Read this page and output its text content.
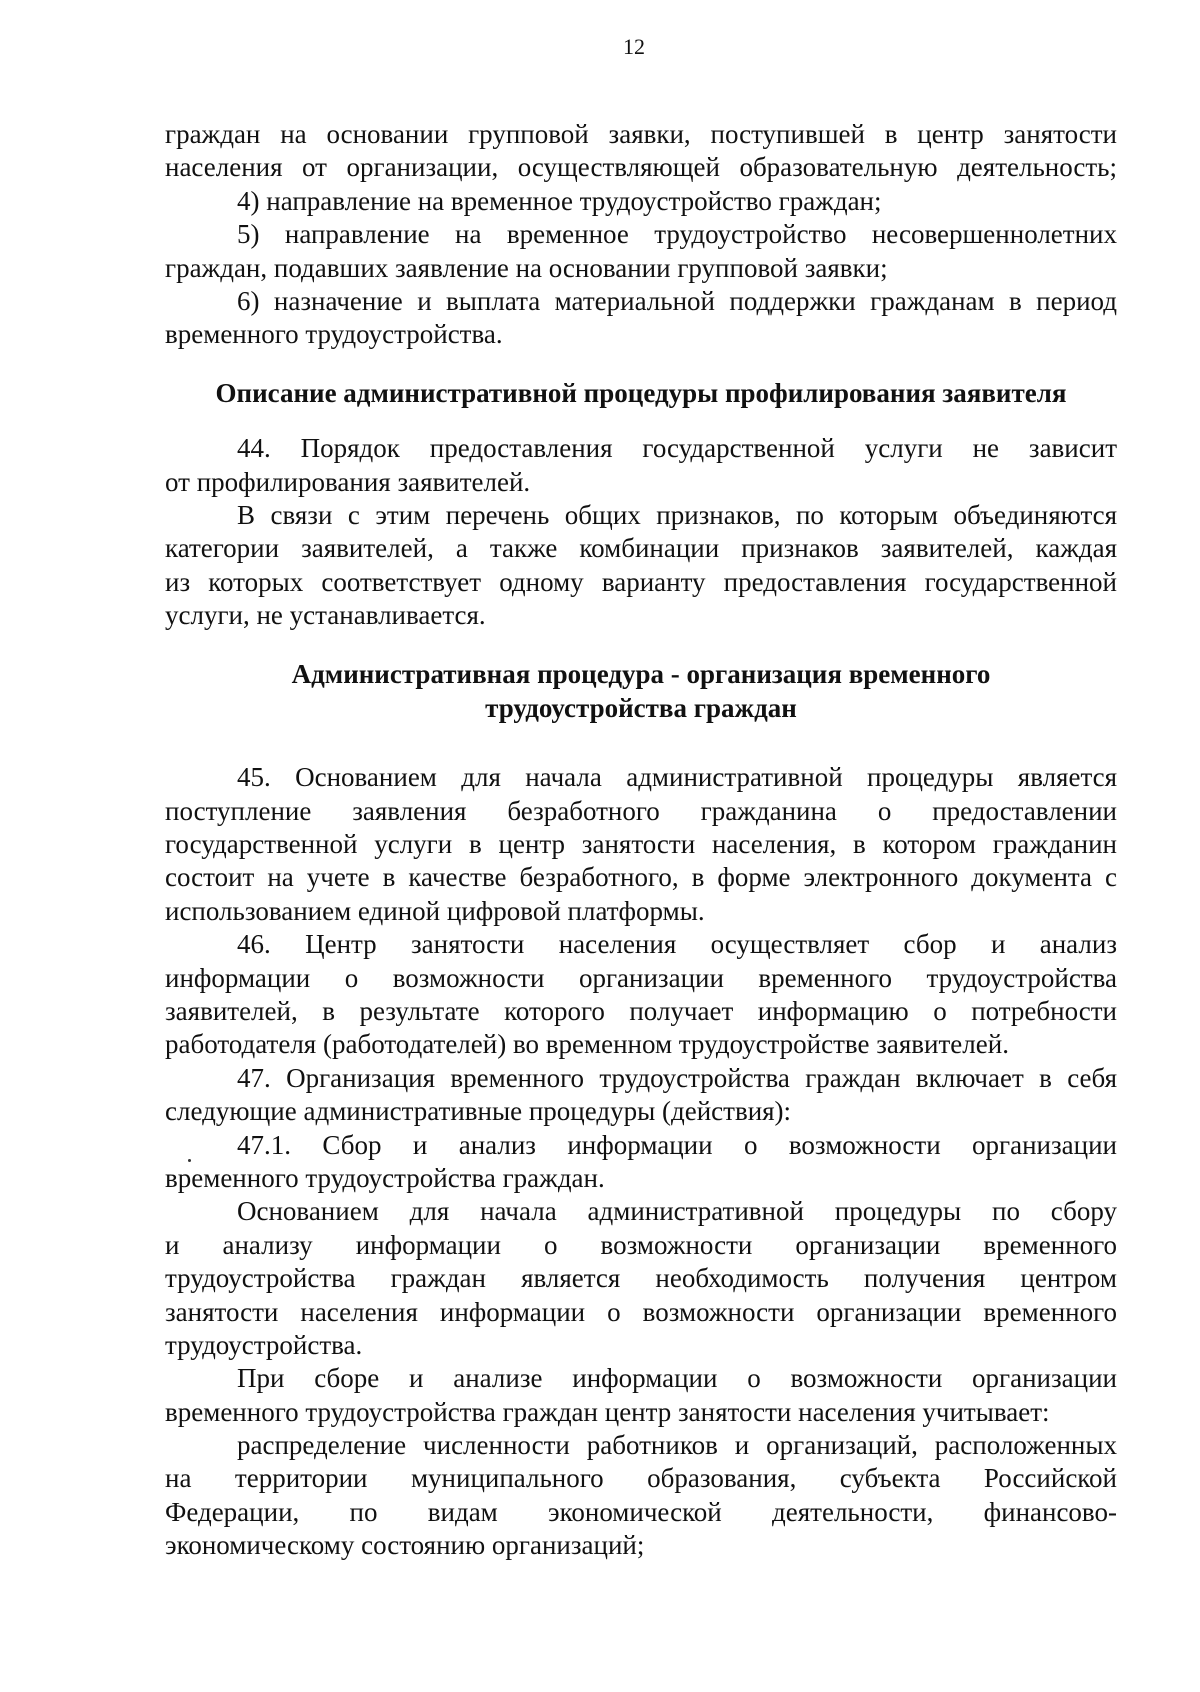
12
граждан на основании групповой заявки, поступившей в центр занятости
населения от организации, осуществляющей образовательную деятельность;
4) направление на временное трудоустройство граждан;
5) направление на временное трудоустройство несовершеннолетних
граждан, подавших заявление на основании групповой заявки;
6) назначение и выплата материальной поддержки гражданам в период
временного трудоустройства.
Описание административной процедуры профилирования заявителя
44. Порядок предоставления государственной услуги не зависит
от профилирования заявителей.
В связи с этим перечень общих признаков, по которым объединяются
категории заявителей, а также комбинации признаков заявителей, каждая
из которых соответствует одному варианту предоставления государственной
услуги, не устанавливается.
Административная процедура - организация временного
трудоустройства граждан
45. Основанием для начала административной процедуры является
поступление заявления безработного гражданина о предоставлении
государственной услуги в центр занятости населения, в котором гражданин
состоит на учете в качестве безработного, в форме электронного документа с
использованием единой цифровой платформы.
46. Центр занятости населения осуществляет сбор и анализ
информации о возможности организации временного трудоустройства
заявителей, в результате которого получает информацию о потребности
работодателя (работодателей) во временном трудоустройстве заявителей.
47. Организация временного трудоустройства граждан включает в себя
следующие административные процедуры (действия):
47.1. Сбор и анализ информации о возможности организации
временного трудоустройства граждан.
Основанием для начала административной процедуры по сбору
и анализу информации о возможности организации временного
трудоустройства граждан является необходимость получения центром
занятости населения информации о возможности организации временного
трудоустройства.
При сборе и анализе информации о возможности организации
временного трудоустройства граждан центр занятости населения учитывает:
распределение численности работников и организаций, расположенных
на территории муниципального образования, субъекта Российской
Федерации, по видам экономической деятельности, финансово-
экономическому состоянию организаций;
